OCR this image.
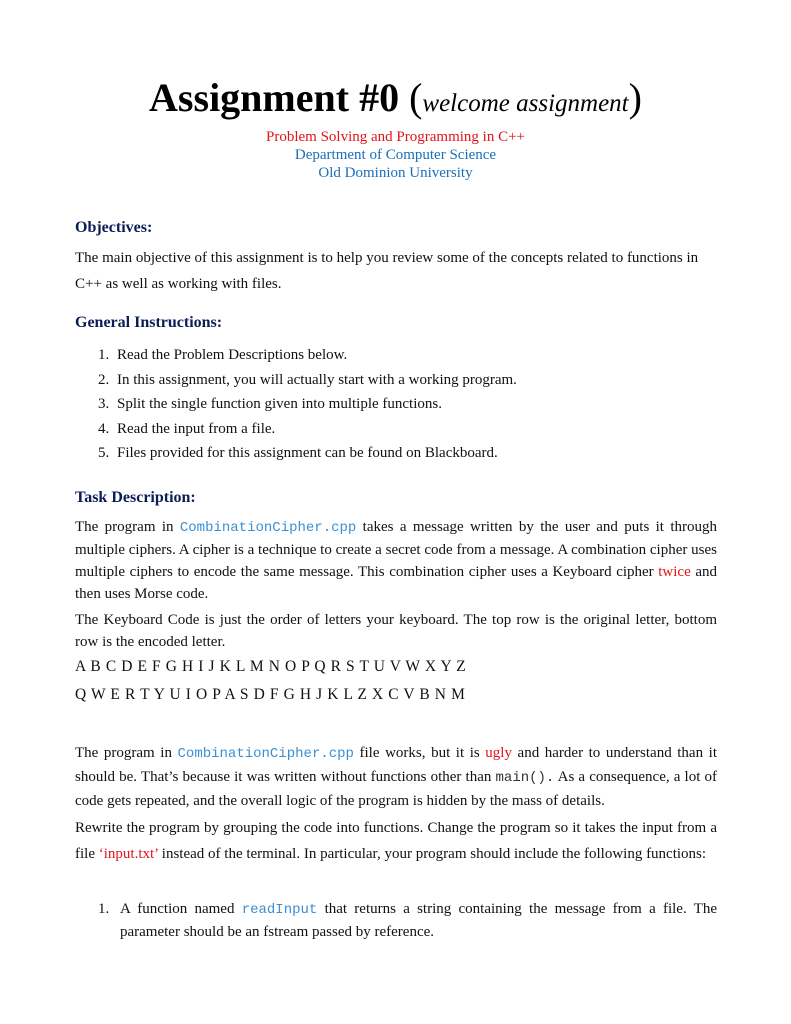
Assignment #0 (welcome assignment)
Problem Solving and Programming in C++
Department of Computer Science
Old Dominion University
Objectives:
The main objective of this assignment is to help you review some of the concepts related to functions in
C++ as well as working with files.
General Instructions:
1. Read the Problem Descriptions below.
2. In this assignment, you will actually start with a working program.
3. Split the single function given into multiple functions.
4. Read the input from a file.
5. Files provided for this assignment can be found on Blackboard.
Task Description:
The program in CombinationCipher.cpp takes a message written by the user and puts it through multiple ciphers. A cipher is a technique to create a secret code from a message. A combination cipher uses multiple ciphers to encode the same message. This combination cipher uses a Keyboard cipher twice and then uses Morse code.
The Keyboard Code is just the order of letters your keyboard. The top row is the original letter, bottom row is the encoded letter.
A B C D E F G H I J K L M N O P Q R S T U V W X Y Z
Q W E R T Y U I O P A S D F G H J K L Z X C V B N M
The program in CombinationCipher.cpp file works, but it is ugly and harder to understand than it should be. That’s because it was written without functions other than main(). As a consequence, a lot of code gets repeated, and the overall logic of the program is hidden by the mass of details.
Rewrite the program by grouping the code into functions. Change the program so it takes the input from a file ‘input.txt’ instead of the terminal. In particular, your program should include the following functions:
1. A function named readInput that returns a string containing the message from a file. The parameter should be an fstream passed by reference.
